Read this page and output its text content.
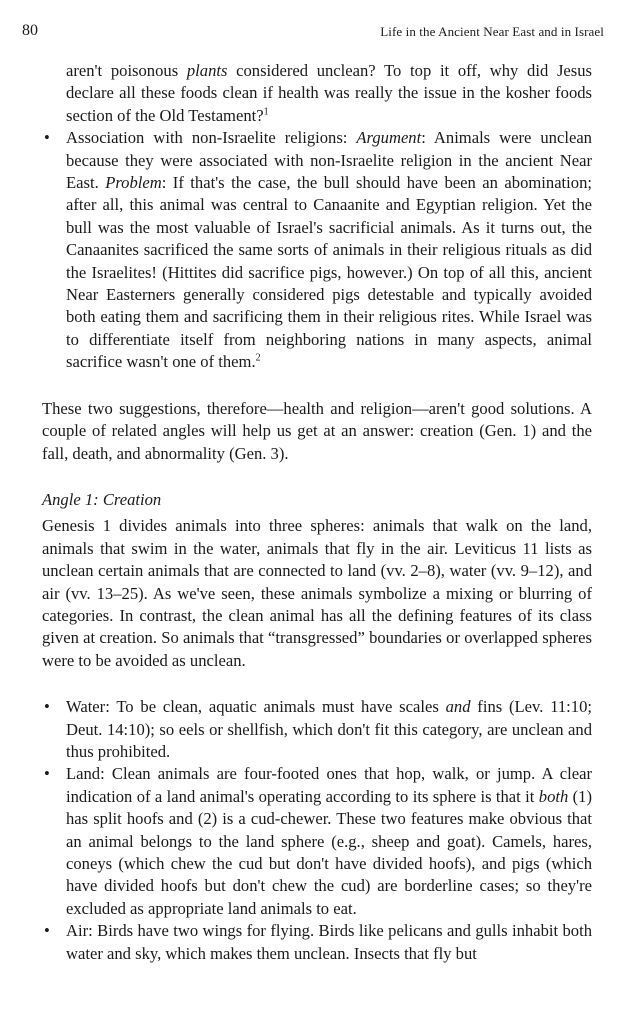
80	Life in the Ancient Near East and in Israel

aren't poisonous plants considered unclean? To top it off, why did Jesus declare all these foods clean if health was really the issue in the kosher foods section of the Old Testament?$^1$

• Association with non-Israelite religions: Argument: Animals were unclean because they were associated with non-Israelite religion in the ancient Near East. Problem: If that's the case, the bull should have been an abomination; after all, this animal was central to Canaanite and Egyptian religion. Yet the bull was the most valuable of Israel's sacrificial animals. As it turns out, the Canaanites sacrificed the same sorts of animals in their religious rituals as did the Israelites! (Hittites did sacrifice pigs, however.) On top of all this, ancient Near Easterners generally considered pigs detestable and typically avoided both eating them and sacrificing them in their religious rites. While Israel was to differentiate itself from neighboring nations in many aspects, animal sacrifice wasn't one of them.$^2$

These two suggestions, therefore—health and religion—aren't good solutions. A couple of related angles will help us get at an answer: creation (Gen. 1) and the fall, death, and abnormality (Gen. 3).

Angle 1: Creation

Genesis 1 divides animals into three spheres: animals that walk on the land, animals that swim in the water, animals that fly in the air. Leviticus 11 lists as unclean certain animals that are connected to land (vv. 2–8), water (vv. 9–12), and air (vv. 13–25). As we've seen, these animals symbolize a mixing or blurring of categories. In contrast, the clean animal has all the defining features of its class given at creation. So animals that “transgressed” boundaries or overlapped spheres were to be avoided as unclean.

• Water: To be clean, aquatic animals must have scales and fins (Lev. 11:10; Deut. 14:10); so eels or shellfish, which don't fit this category, are unclean and thus prohibited.
• Land: Clean animals are four-footed ones that hop, walk, or jump. A clear indication of a land animal's operating according to its sphere is that it both (1) has split hoofs and (2) is a cud-chewer. These two features make obvious that an animal belongs to the land sphere (e.g., sheep and goat). Camels, hares, coneys (which chew the cud but don't have divided hoofs), and pigs (which have divided hoofs but don't chew the cud) are borderline cases; so they're excluded as appropriate land animals to eat.
• Air: Birds have two wings for flying. Birds like pelicans and gulls inhabit both water and sky, which makes them unclean. Insects that fly but
